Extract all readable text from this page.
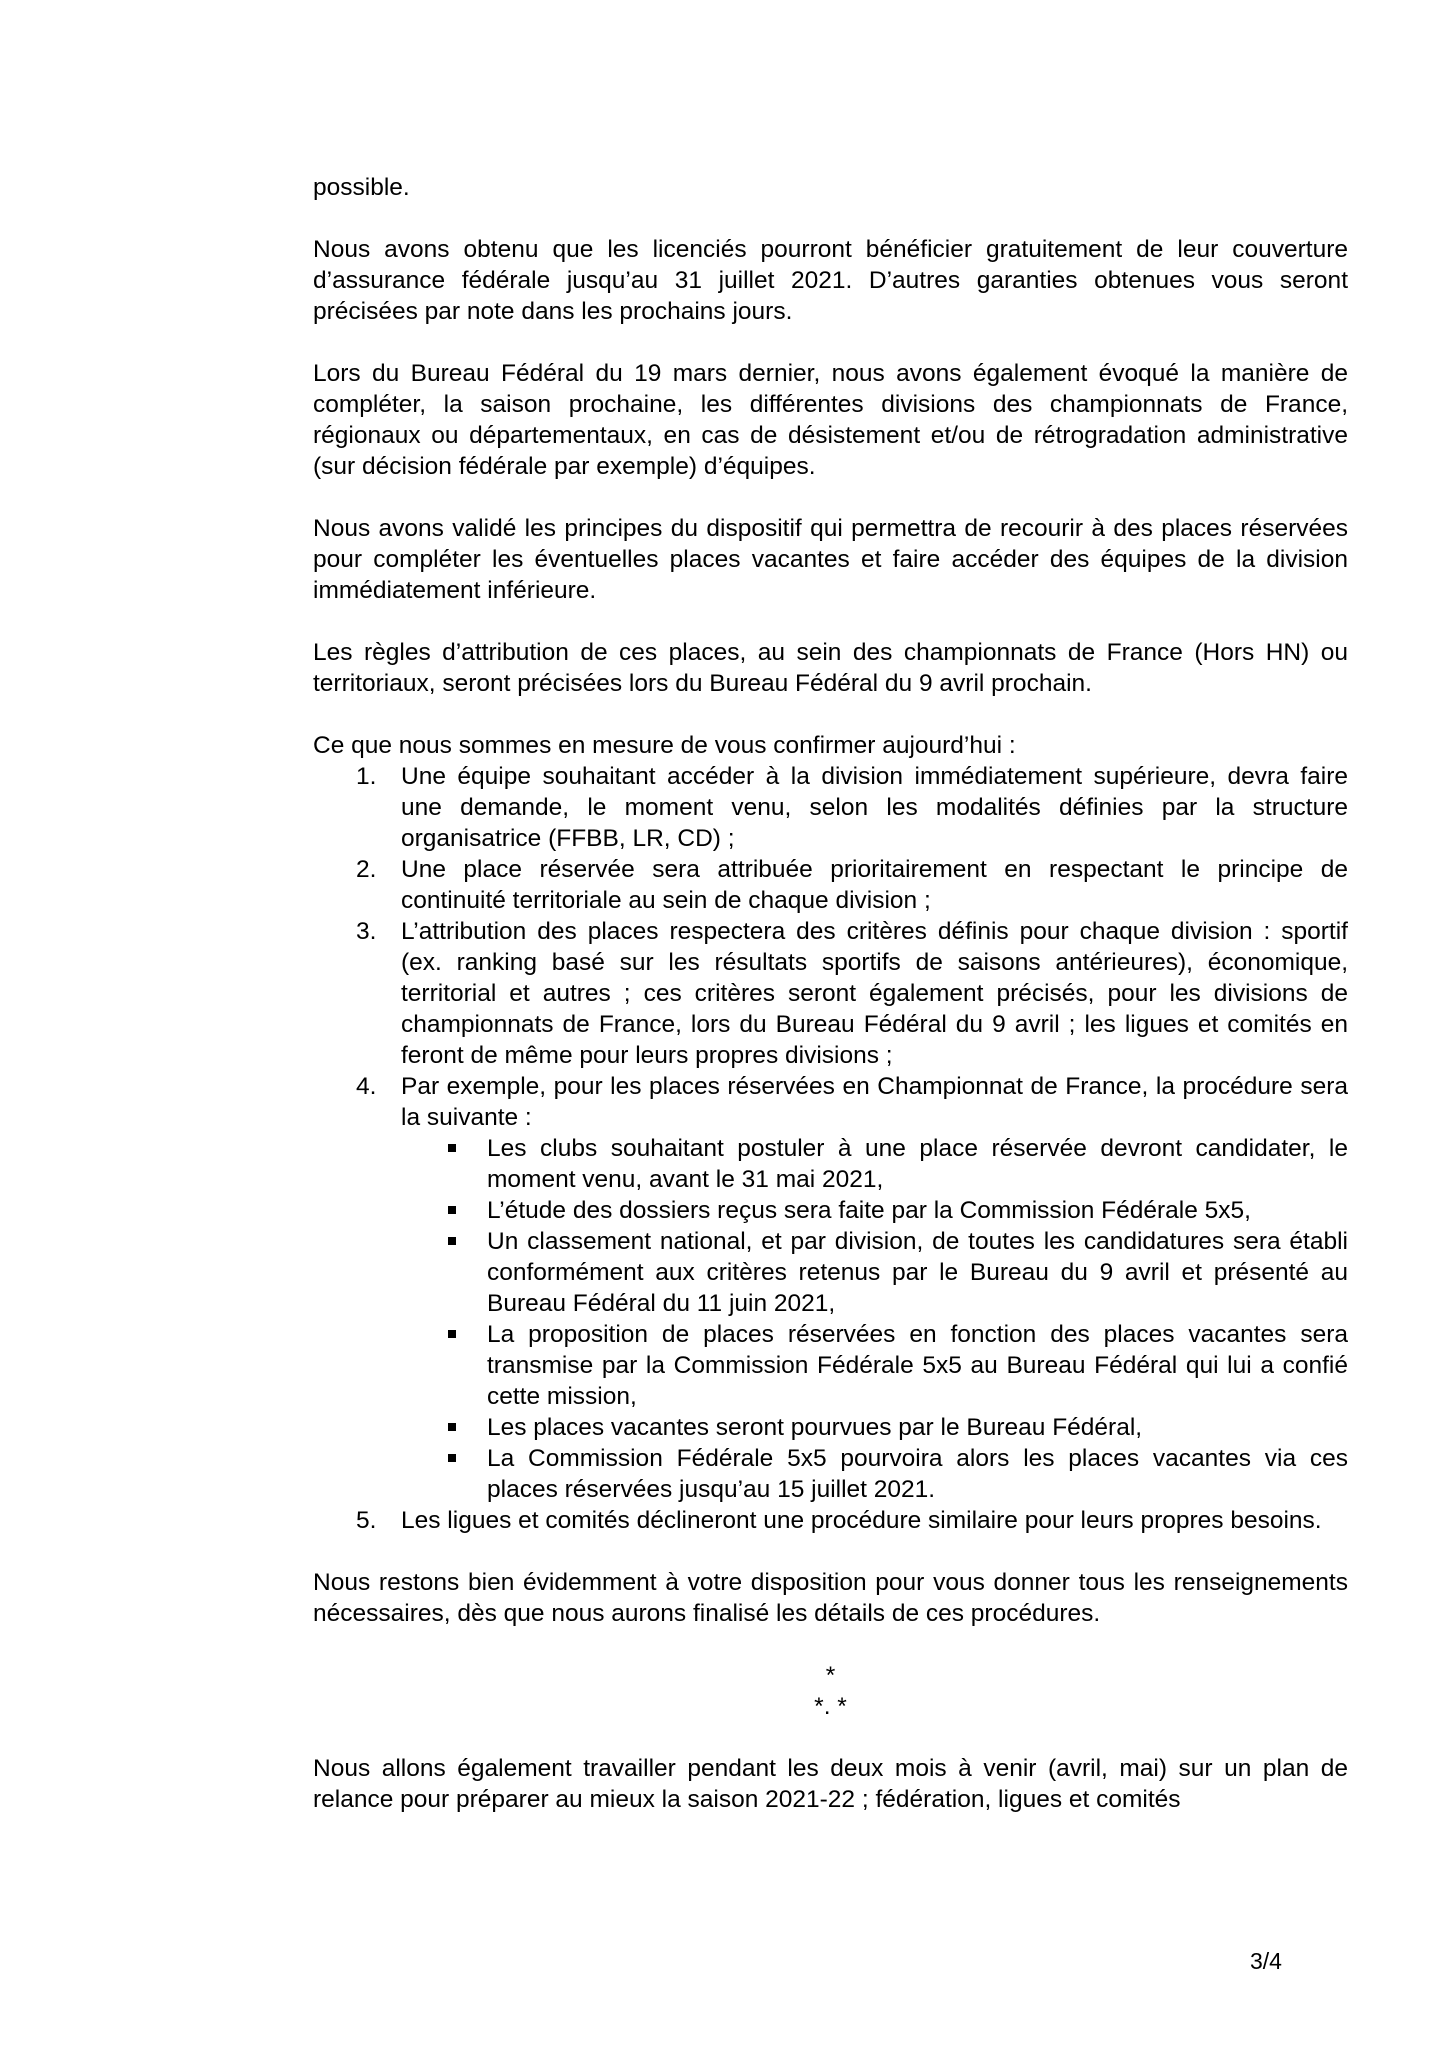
possible.

Nous avons obtenu que les licenciés pourront bénéficier gratuitement de leur couverture d’assurance fédérale jusqu’au 31 juillet 2021. D’autres garanties obtenues vous seront précisées par note dans les prochains jours.

Lors du Bureau Fédéral du 19 mars dernier, nous avons également évoqué la manière de compléter, la saison prochaine, les différentes divisions des championnats de France, régionaux ou départementaux, en cas de désistement et/ou de rétrogradation administrative (sur décision fédérale par exemple) d’équipes.

Nous avons validé les principes du dispositif qui permettra de recourir à des places réservées pour compléter les éventuelles places vacantes et faire accéder des équipes de la division immédiatement inférieure.

Les règles d’attribution de ces places, au sein des championnats de France (Hors HN) ou territoriaux, seront précisées lors du Bureau Fédéral du 9 avril prochain.

Ce que nous sommes en mesure de vous confirmer aujourd’hui :

1. Une équipe souhaitant accéder à la division immédiatement supérieure, devra faire une demande, le moment venu, selon les modalités définies par la structure organisatrice (FFBB, LR, CD) ;
2. Une place réservée sera attribuée prioritairement en respectant le principe de continuité territoriale au sein de chaque division ;
3. L’attribution des places respectera des critères définis pour chaque division : sportif (ex. ranking basé sur les résultats sportifs de saisons antérieures), économique, territorial et autres ; ces critères seront également précisés, pour les divisions de championnats de France, lors du Bureau Fédéral du 9 avril ; les ligues et comités en feront de même pour leurs propres divisions ;
4. Par exemple, pour les places réservées en Championnat de France, la procédure sera la suivante :
Les clubs souhaitant postuler à une place réservée devront candidater, le moment venu, avant le 31 mai 2021,
L’étude des dossiers reçus sera faite par la Commission Fédérale 5x5,
Un classement national, et par division, de toutes les candidatures sera établi conformément aux critères retenus par le Bureau du 9 avril et présenté au Bureau Fédéral du 11 juin 2021,
La proposition de places réservées en fonction des places vacantes sera transmise par la Commission Fédérale 5x5 au Bureau Fédéral qui lui a confié cette mission,
Les places vacantes seront pourvues par le Bureau Fédéral,
La Commission Fédérale 5x5 pourvoira alors les places vacantes via ces places réservées jusqu’au 15 juillet 2021.
5. Les ligues et comités déclineront une procédure similaire pour leurs propres besoins.

Nous restons bien évidemment à votre disposition pour vous donner tous les renseignements nécessaires, dès que nous aurons finalisé les détails de ces procédures.

*
*. *

Nous allons également travailler pendant les deux mois à venir (avril, mai) sur un plan de relance pour préparer au mieux la saison 2021-22 ; fédération, ligues et comités

3/4
